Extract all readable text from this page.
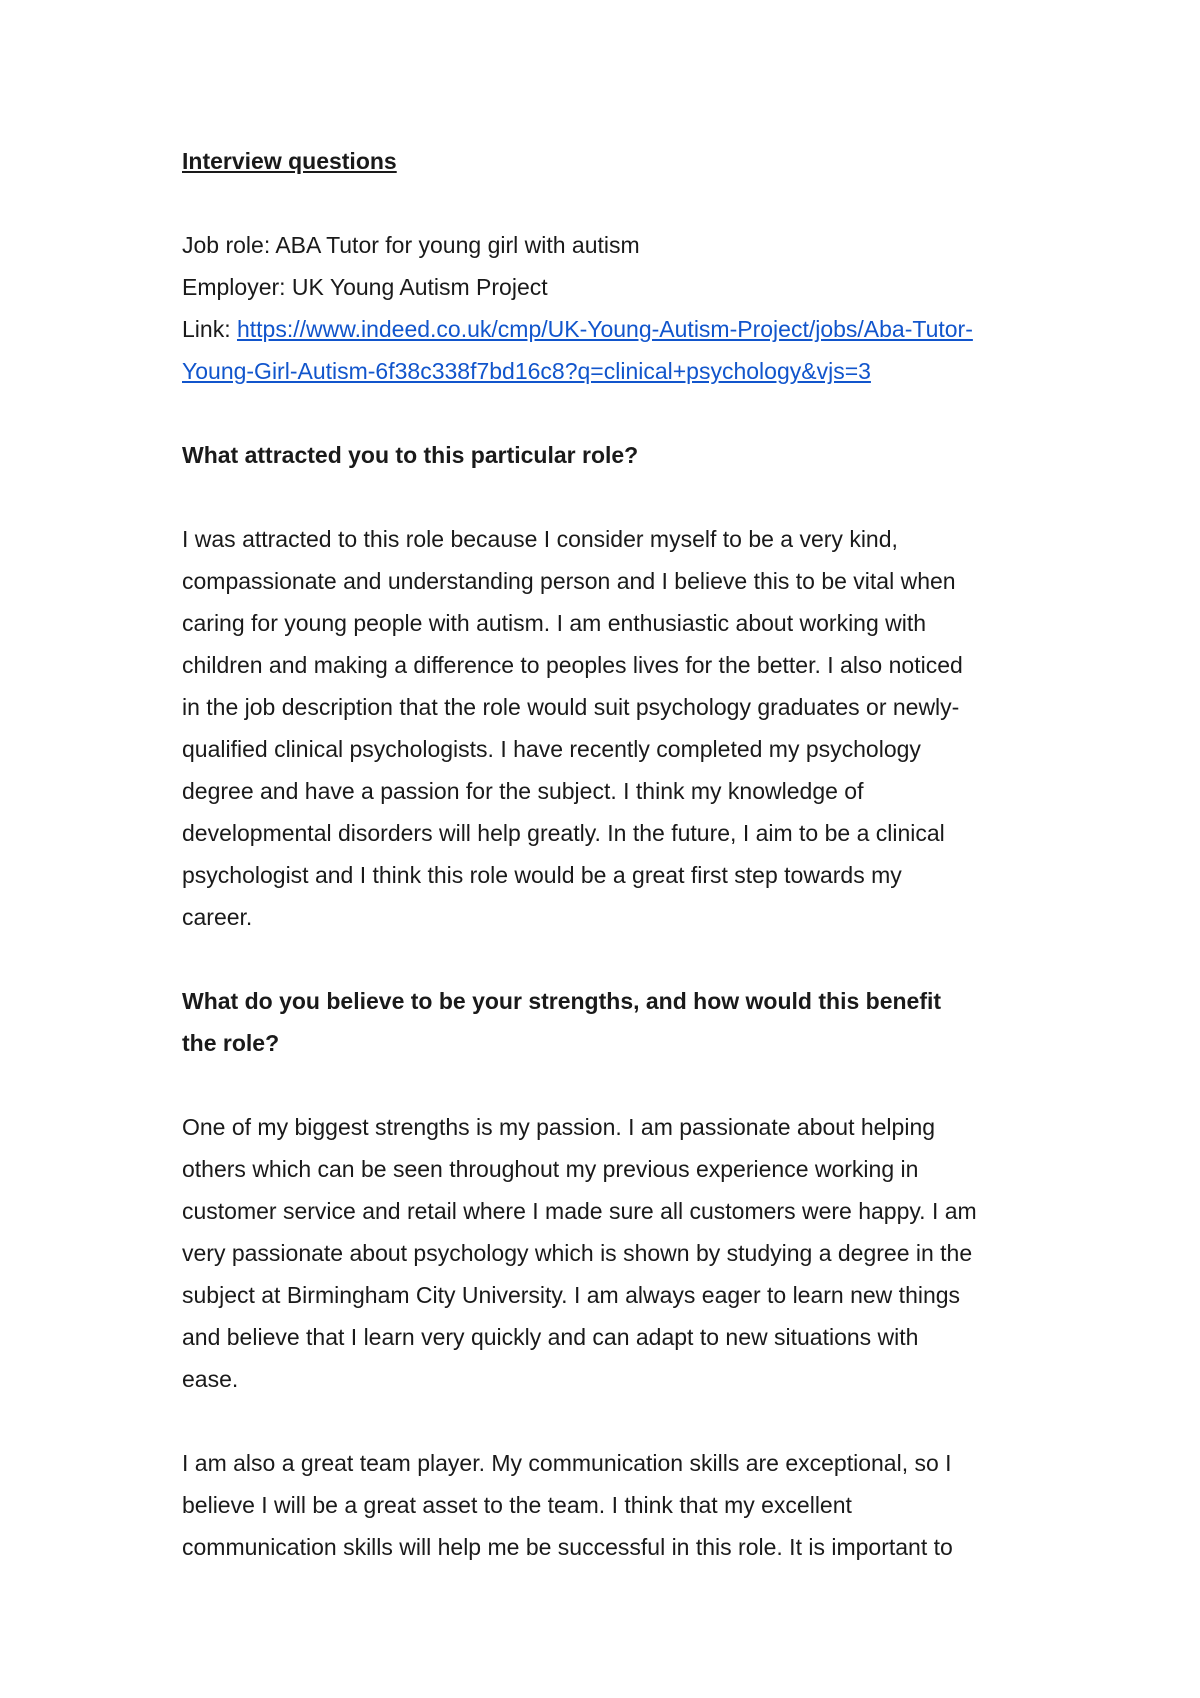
Interview questions

Job role: ABA Tutor for young girl with autism

Employer: UK Young Autism Project

Link: https://www.indeed.co.uk/cmp/UK-Young-Autism-Project/jobs/Aba-Tutor-
Young-Girl-Autism-6f38c338f7bd16c8?q=clinical+psychology&vjs=3

What attracted you to this particular role?

I was attracted to this role because I consider myself to be a very kind,
compassionate and understanding person and I believe this to be vital when
caring for young people with autism. I am enthusiastic about working with
children and making a difference to peoples lives for the better. I also noticed
in the job description that the role would suit psychology graduates or newly-
qualified clinical psychologists. I have recently completed my psychology
degree and have a passion for the subject. I think my knowledge of
developmental disorders will help greatly. In the future, I aim to be a clinical
psychologist and I think this role would be a great first step towards my
career.

What do you believe to be your strengths, and how would this benefit
the role?

One of my biggest strengths is my passion. I am passionate about helping
others which can be seen throughout my previous experience working in
customer service and retail where I made sure all customers were happy. I am
very passionate about psychology which is shown by studying a degree in the
subject at Birmingham City University. I am always eager to learn new things
and believe that I learn very quickly and can adapt to new situations with
ease.

I am also a great team player. My communication skills are exceptional, so I
believe I will be a great asset to the team. I think that my excellent
communication skills will help me be successful in this role. It is important to
